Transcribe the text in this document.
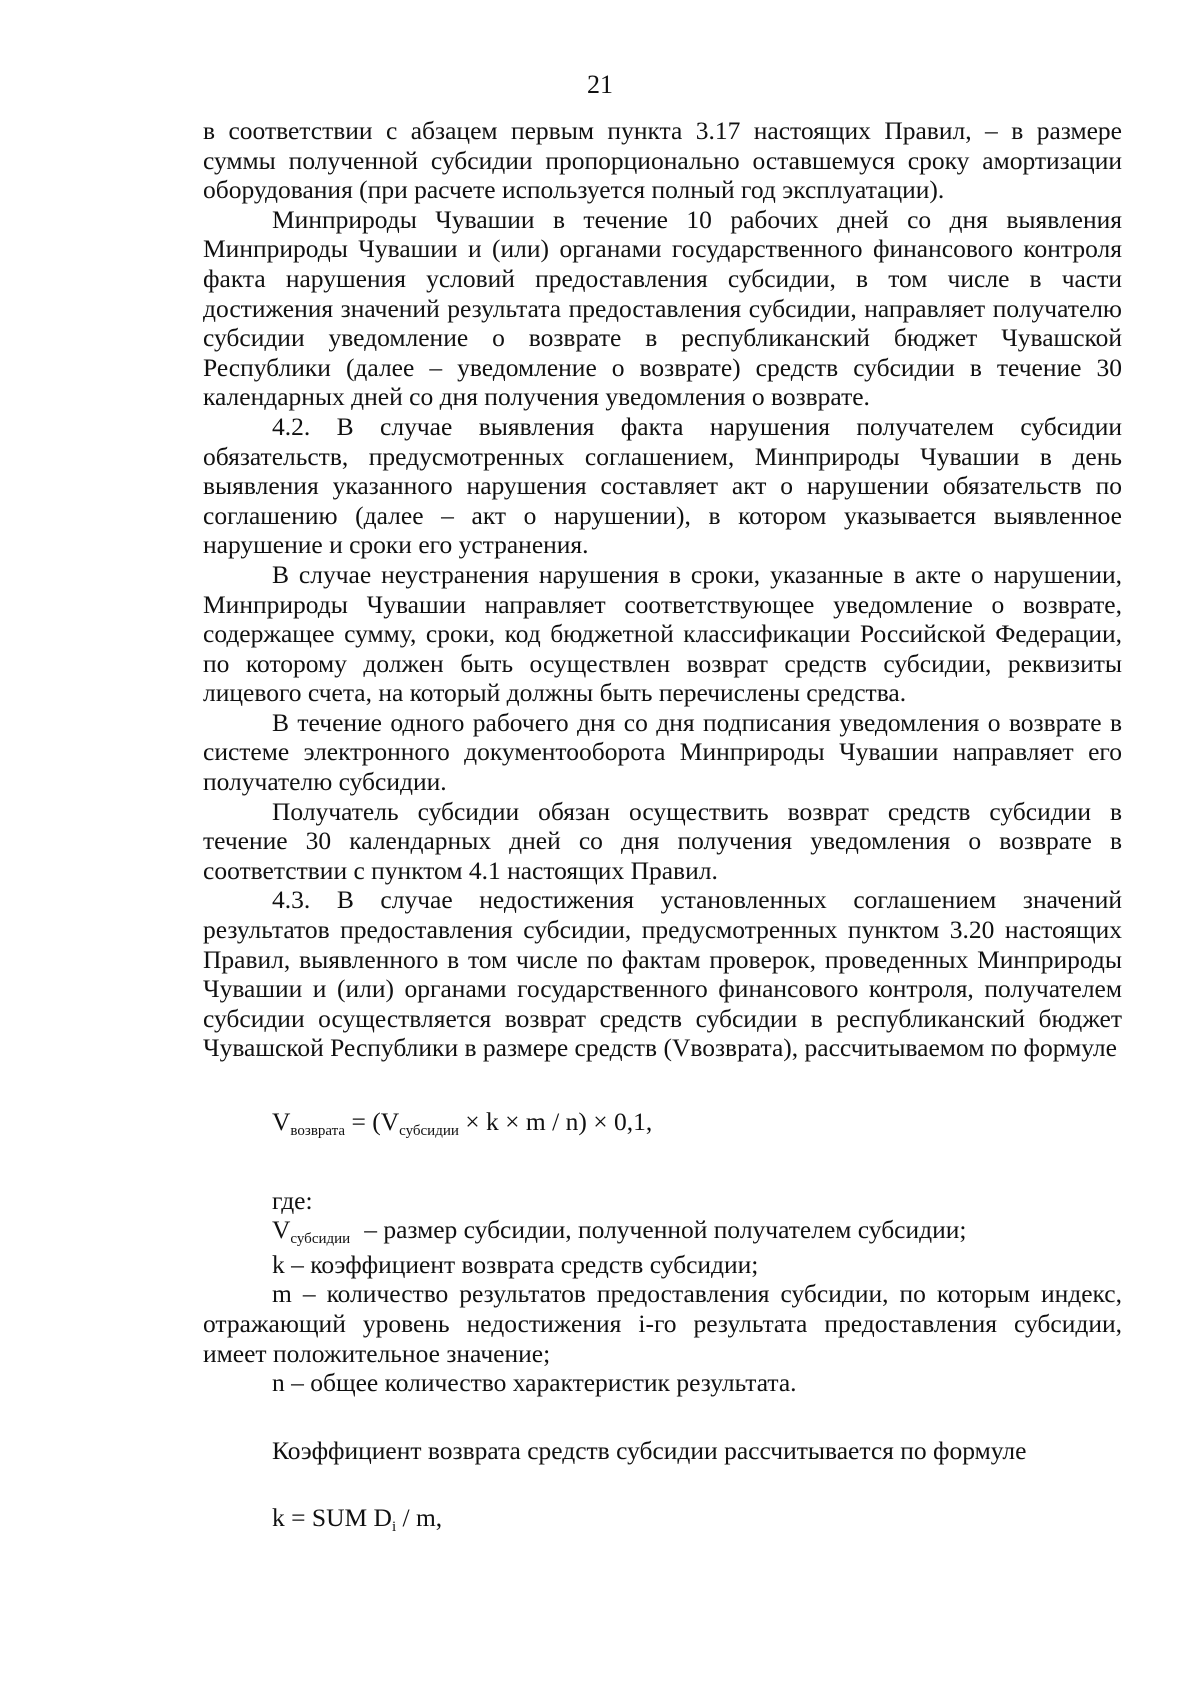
21

в соответствии с абзацем первым пункта 3.17 настоящих Правил, – в размере суммы полученной субсидии пропорционально оставшемуся сроку амортизации оборудования (при расчете используется полный год эксплуатации).

Минприроды Чувашии в течение 10 рабочих дней со дня выявления Минприроды Чувашии и (или) органами государственного финансового контроля факта нарушения условий предоставления субсидии, в том числе в части достижения значений результата предоставления субсидии, направляет получателю субсидии уведомление о возврате в республиканский бюджет Чувашской Республики (далее – уведомление о возврате) средств субсидии в течение 30 календарных дней со дня получения уведомления о возврате.

4.2. В случае выявления факта нарушения получателем субсидии обязательств, предусмотренных соглашением, Минприроды Чувашии в день выявления указанного нарушения составляет акт о нарушении обязательств по соглашению (далее – акт о нарушении), в котором указывается выявленное нарушение и сроки его устранения.

В случае неустранения нарушения в сроки, указанные в акте о нарушении, Минприроды Чувашии направляет соответствующее уведомление о возврате, содержащее сумму, сроки, код бюджетной классификации Российской Федерации, по которому должен быть осуществлен возврат средств субсидии, реквизиты лицевого счета, на который должны быть перечислены средства.

В течение одного рабочего дня со дня подписания уведомления о возврате в системе электронного документооборота Минприроды Чувашии направляет его получателю субсидии.

Получатель субсидии обязан осуществить возврат средств субсидии в течение 30 календарных дней со дня получения уведомления о возврате в соответствии с пунктом 4.1 настоящих Правил.

4.3. В случае недостижения установленных соглашением значений результатов предоставления субсидии, предусмотренных пунктом 3.20 настоящих Правил, выявленного в том числе по фактам проверок, проведенных Минприроды Чувашии и (или) органами государственного финансового контроля, получателем субсидии осуществляется возврат средств субсидии в республиканский бюджет Чувашской Республики в размере средств (Vвозврата), рассчитываемом по формуле

Vвозврата = (Vсубсидии × k × m / n) × 0,1,

где:

Vсубсидии – размер субсидии, полученной получателем субсидии;

k – коэффициент возврата средств субсидии;

m – количество результатов предоставления субсидии, по которым индекс, отражающий уровень недостижения i-го результата предоставления субсидии, имеет положительное значение;

n – общее количество характеристик результата.

Коэффициент возврата средств субсидии рассчитывается по формуле

k = SUM Di / m,
